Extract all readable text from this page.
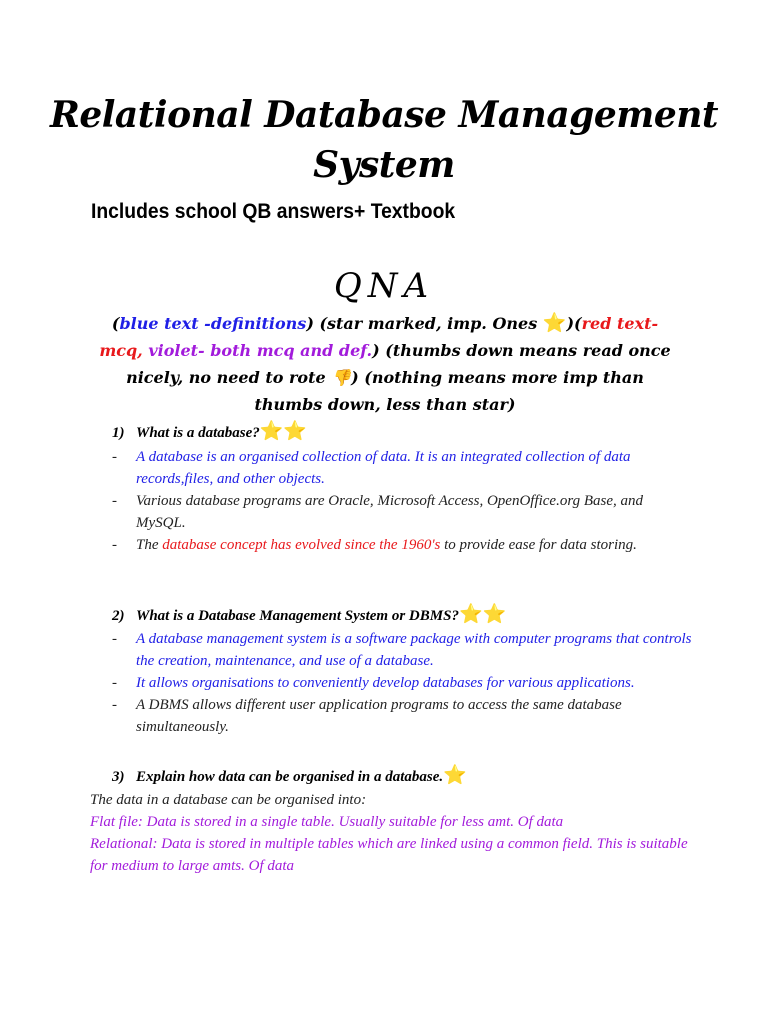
Relational Database Management System

Includes school QB answers+ Textbook

QNA

(blue text -definitions) (star marked, imp. Ones ⭐)(red text- mcq, violet- both mcq and def.) (thumbs down means read once nicely, no need to rote 👎) (nothing means more imp than thumbs down, less than star)

1) What is a database?⭐⭐

- A database is an organised collection of data. It is an integrated collection of data records,files, and other objects.
- Various database programs are Oracle, Microsoft Access, OpenOffice.org Base, and MySQL.
- The database concept has evolved since the 1960's to provide ease for data storing.

2) What is a Database Management System or DBMS?⭐⭐

- A database management system is a software package with computer programs that controls the creation, maintenance, and use of a database.
- It allows organisations to conveniently develop databases for various applications.
- A DBMS allows different user application programs to access the same database simultaneously.

3) Explain how data can be organised in a database.⭐

The data in a database can be organised into:

Flat file: Data is stored in a single table. Usually suitable for less amt. Of data

Relational: Data is stored in multiple tables which are linked using a common field. This is suitable for medium to large amts. Of data
